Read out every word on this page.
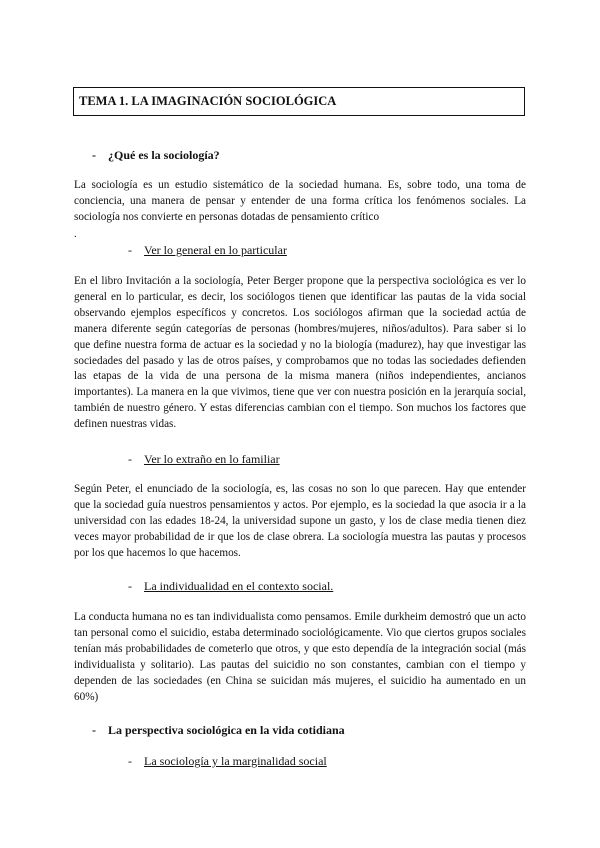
TEMA 1. LA IMAGINACIÓN SOCIOLÓGICA
- ¿Qué es la sociología?

La sociología es un estudio sistemático de la sociedad humana. Es, sobre todo, una toma de conciencia, una manera de pensar y entender de una forma crítica los fenómenos sociales. La sociología nos convierte en personas dotadas de pensamiento crítico

.
- Ver lo general en lo particular

En el libro Invitación a la sociología, Peter Berger propone que la perspectiva sociológica es ver lo general en lo particular, es decir, los sociólogos tienen que identificar las pautas de la vida social observando ejemplos específicos y concretos. Los sociólogos afirman que la sociedad actúa de manera diferente según categorías de personas (hombres/mujeres, niños/adultos). Para saber si lo que define nuestra forma de actuar es la sociedad y no la biología (madurez), hay que investigar las sociedades del pasado y las de otros países, y comprobamos que no todas las sociedades defienden las etapas de la vida de una persona de la misma manera (niños independientes, ancianos importantes). La manera en la que vivimos, tiene que ver con nuestra posición en la jerarquía social, también de nuestro género. Y estas diferencias cambian con el tiempo. Son muchos los factores que definen nuestras vidas.

- Ver lo extraño en lo familiar

Según Peter, el enunciado de la sociología, es, las cosas no son lo que parecen. Hay que entender que la sociedad guía nuestros pensamientos y actos. Por ejemplo, es la sociedad la que asocia ir a la universidad con las edades 18-24, la universidad supone un gasto, y los de clase media tienen diez veces mayor probabilidad de ir que los de clase obrera. La sociología muestra las pautas y procesos por los que hacemos lo que hacemos.

- La individualidad en el contexto social.

La conducta humana no es tan individualista como pensamos. Emile durkheim demostró que un acto tan personal como el suicidio, estaba determinado sociológicamente. Vio que ciertos grupos sociales tenían más probabilidades de cometerlo que otros, y que esto dependía de la integración social (más individualista y solitario). Las pautas del suicidio no son constantes, cambian con el tiempo y dependen de las sociedades (en China se suicidan más mujeres, el suicidio ha aumentado en un 60%)

- La perspectiva sociológica en la vida cotidiana
- La sociología y la marginalidad social
